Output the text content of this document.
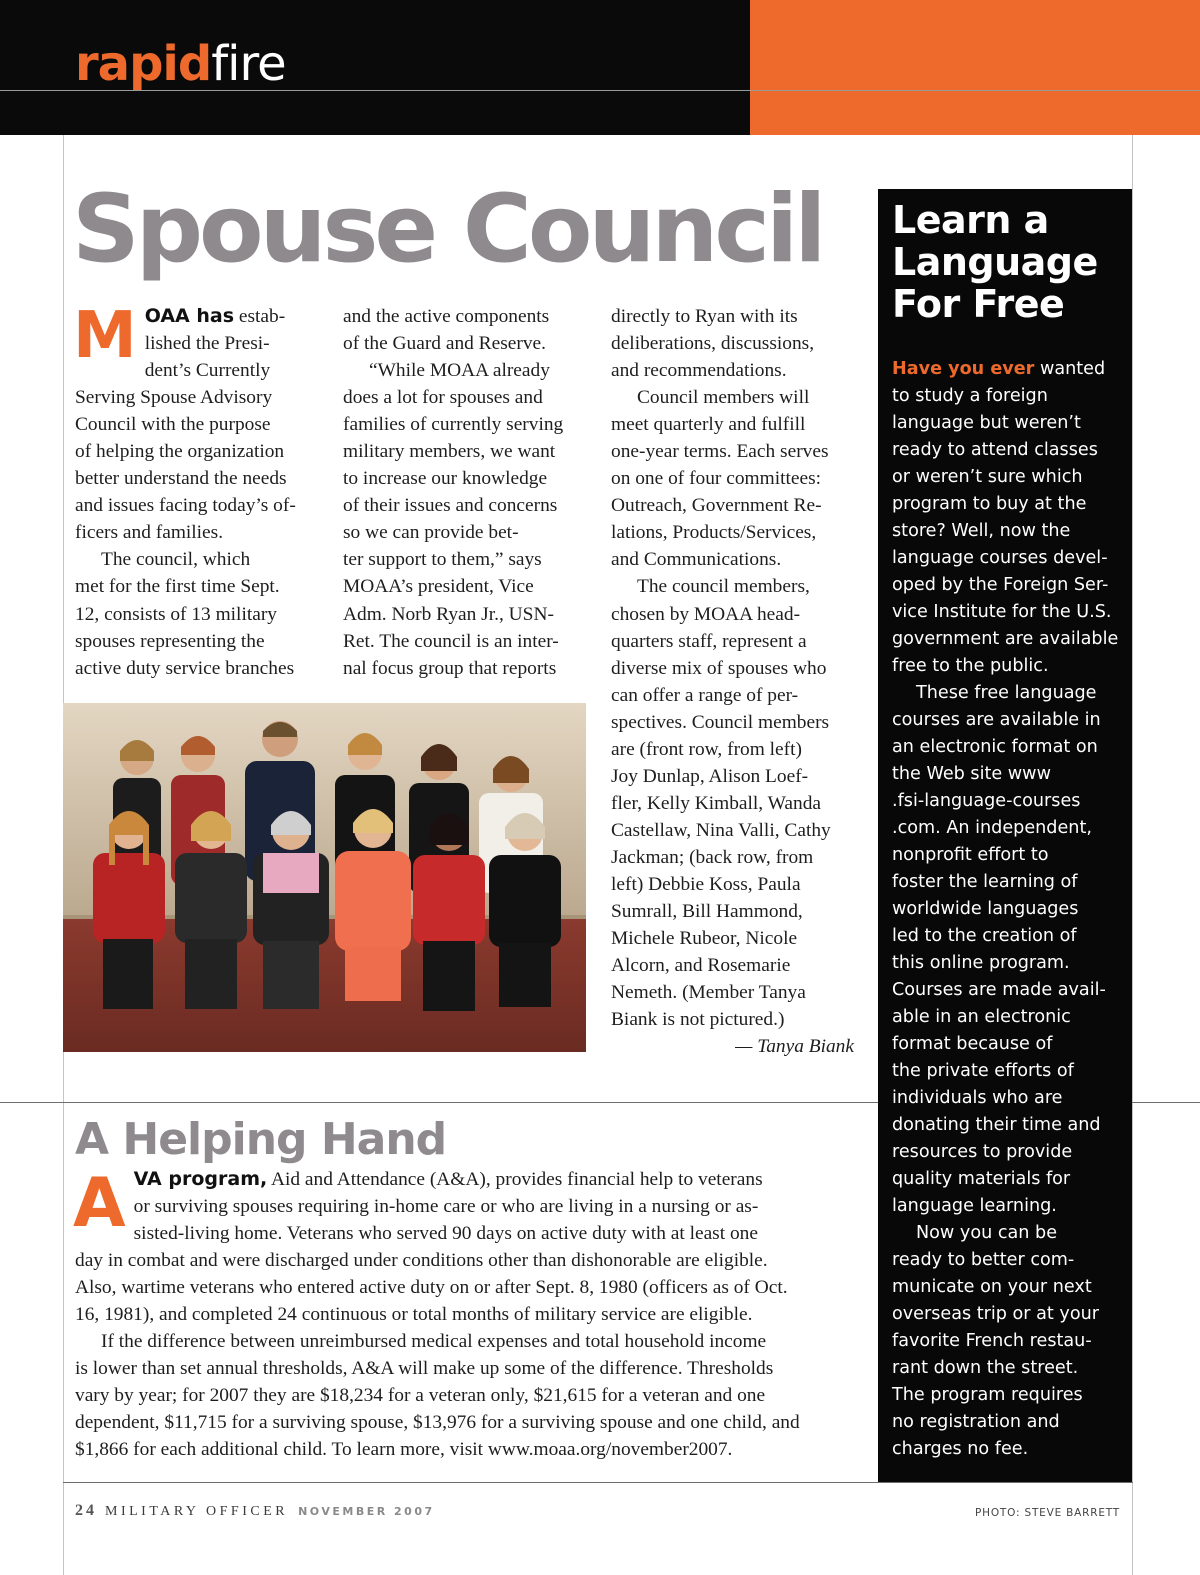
rapidfire
Spouse Council
M OAA has estab-
lished the Presi-
dent’s Currently
Serving Spouse Advisory
Council with the purpose
of helping the organization
better understand the needs
and issues facing today’s of-
ficers and families.
The council, which
met for the first time Sept.
12, consists of 13 military
spouses representing the
active duty service branches
and the active components
of the Guard and Reserve.
“While MOAA already
does a lot for spouses and
families of currently serving
military members, we want
to increase our knowledge
of their issues and concerns
so we can provide bet-
ter support to them,” says
MOAA’s president, Vice
Adm. Norb Ryan Jr., USN-
Ret. The council is an inter-
nal focus group that reports
directly to Ryan with its
deliberations, discussions,
and recommendations.
Council members will
meet quarterly and fulfill
one-year terms. Each serves
on one of four committees:
Outreach, Government Re-
lations, Products/Services,
and Communications.
The council members,
chosen by MOAA head-
quarters staff, represent a
diverse mix of spouses who
can offer a range of per-
spectives. Council members
are (front row, from left)
Joy Dunlap, Alison Loef-
fler, Kelly Kimball, Wanda
Castellaw, Nina Valli, Cathy
Jackman; (back row, from
left) Debbie Koss, Paula
Sumrall, Bill Hammond,
Michele Rubeor, Nicole
Alcorn, and Rosemarie
Nemeth. (Member Tanya
Biank is not pictured.)
— Tanya Biank
A Helping Hand
A VA program, Aid and Attendance (A&A), provides financial help to veterans
or surviving spouses requiring in-home care or who are living in a nursing or as-
sisted-living home. Veterans who served 90 days on active duty with at least one
day in combat and were discharged under conditions other than dishonorable are eligible.
Also, wartime veterans who entered active duty on or after Sept. 8, 1980 (officers as of Oct.
16, 1981), and completed 24 continuous or total months of military service are eligible.
If the difference between unreimbursed medical expenses and total household income
is lower than set annual thresholds, A&A will make up some of the difference. Thresholds
vary by year; for 2007 they are $18,234 for a veteran only, $21,615 for a veteran and one
dependent, $11,715 for a surviving spouse, $13,976 for a surviving spouse and one child, and
$1,866 for each additional child. To learn more, visit www.moaa.org/november2007.
Learn a
Language
For Free
Have you ever wanted
to study a foreign
language but weren’t
ready to attend classes
or weren’t sure which
program to buy at the
store? Well, now the
language courses devel-
oped by the Foreign Ser-
vice Institute for the U.S.
government are available
free to the public.
These free language
courses are available in
an electronic format on
the Web site www
.fsi-language-courses
.com. An independent,
nonprofit effort to
foster the learning of
worldwide languages
led to the creation of
this online program.
Courses are made avail-
able in an electronic
format because of
the private efforts of
individuals who are
donating their time and
resources to provide
quality materials for
language learning.
Now you can be
ready to better com-
municate on your next
overseas trip or at your
favorite French restau-
rant down the street.
The program requires
no registration and
charges no fee.
24 MILITARY OFFICER NOVEMBER 2007	PHOTO: STEVE BARRETT
